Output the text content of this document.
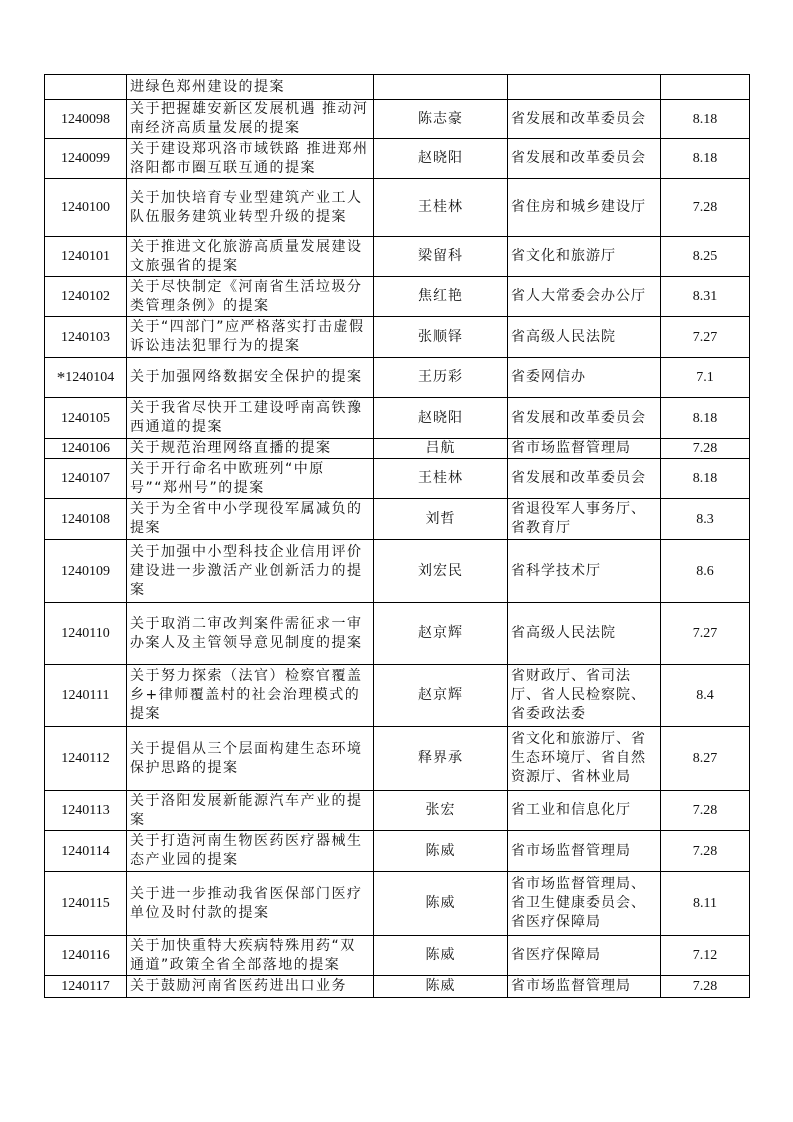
	进绿色郑州建设的提案			
1240098	关于把握雄安新区发展机遇 推动河南经济高质量发展的提案	陈志豪	省发展和改革委员会	8.18
1240099	关于建设郑巩洛市域铁路 推进郑州洛阳都市圈互联互通的提案	赵晓阳	省发展和改革委员会	8.18
1240100	关于加快培育专业型建筑产业工人队伍服务建筑业转型升级的提案	王桂林	省住房和城乡建设厅	7.28
1240101	关于推进文化旅游高质量发展建设文旅强省的提案	梁留科	省文化和旅游厅	8.25
1240102	关于尽快制定《河南省生活垃圾分类管理条例》的提案	焦红艳	省人大常委会办公厅	8.31
1240103	关于“四部门”应严格落实打击虚假诉讼违法犯罪行为的提案	张顺铎	省高级人民法院	7.27
*1240104	关于加强网络数据安全保护的提案	王历彩	省委网信办	7.1
1240105	关于我省尽快开工建设呼南高铁豫西通道的提案	赵晓阳	省发展和改革委员会	8.18
1240106	关于规范治理网络直播的提案	吕航	省市场监督管理局	7.28
1240107	关于开行命名中欧班列“中原号”“郑州号”的提案	王桂林	省发展和改革委员会	8.18
1240108	关于为全省中小学现役军属减负的提案	刘哲	省退役军人事务厅、省教育厅	8.3
1240109	关于加强中小型科技企业信用评价建设进一步激活产业创新活力的提案	刘宏民	省科学技术厅	8.6
1240110	关于取消二审改判案件需征求一审办案人及主管领导意见制度的提案	赵京辉	省高级人民法院	7.27
1240111	关于努力探索（法官）检察官覆盖乡+律师覆盖村的社会治理模式的提案	赵京辉	省财政厅、省司法厅、省人民检察院、省委政法委	8.4
1240112	关于提倡从三个层面构建生态环境保护思路的提案	释界承	省文化和旅游厅、省生态环境厅、省自然资源厅、省林业局	8.27
1240113	关于洛阳发展新能源汽车产业的提案	张宏	省工业和信息化厅	7.28
1240114	关于打造河南生物医药医疗器械生态产业园的提案	陈威	省市场监督管理局	7.28
1240115	关于进一步推动我省医保部门医疗单位及时付款的提案	陈威	省市场监督管理局、省卫生健康委员会、省医疗保障局	8.11
1240116	关于加快重特大疾病特殊用药“双通道”政策全省全部落地的提案	陈威	省医疗保障局	7.12
1240117	关于鼓励河南省医药进出口业务	陈威	省市场监督管理局	7.28
